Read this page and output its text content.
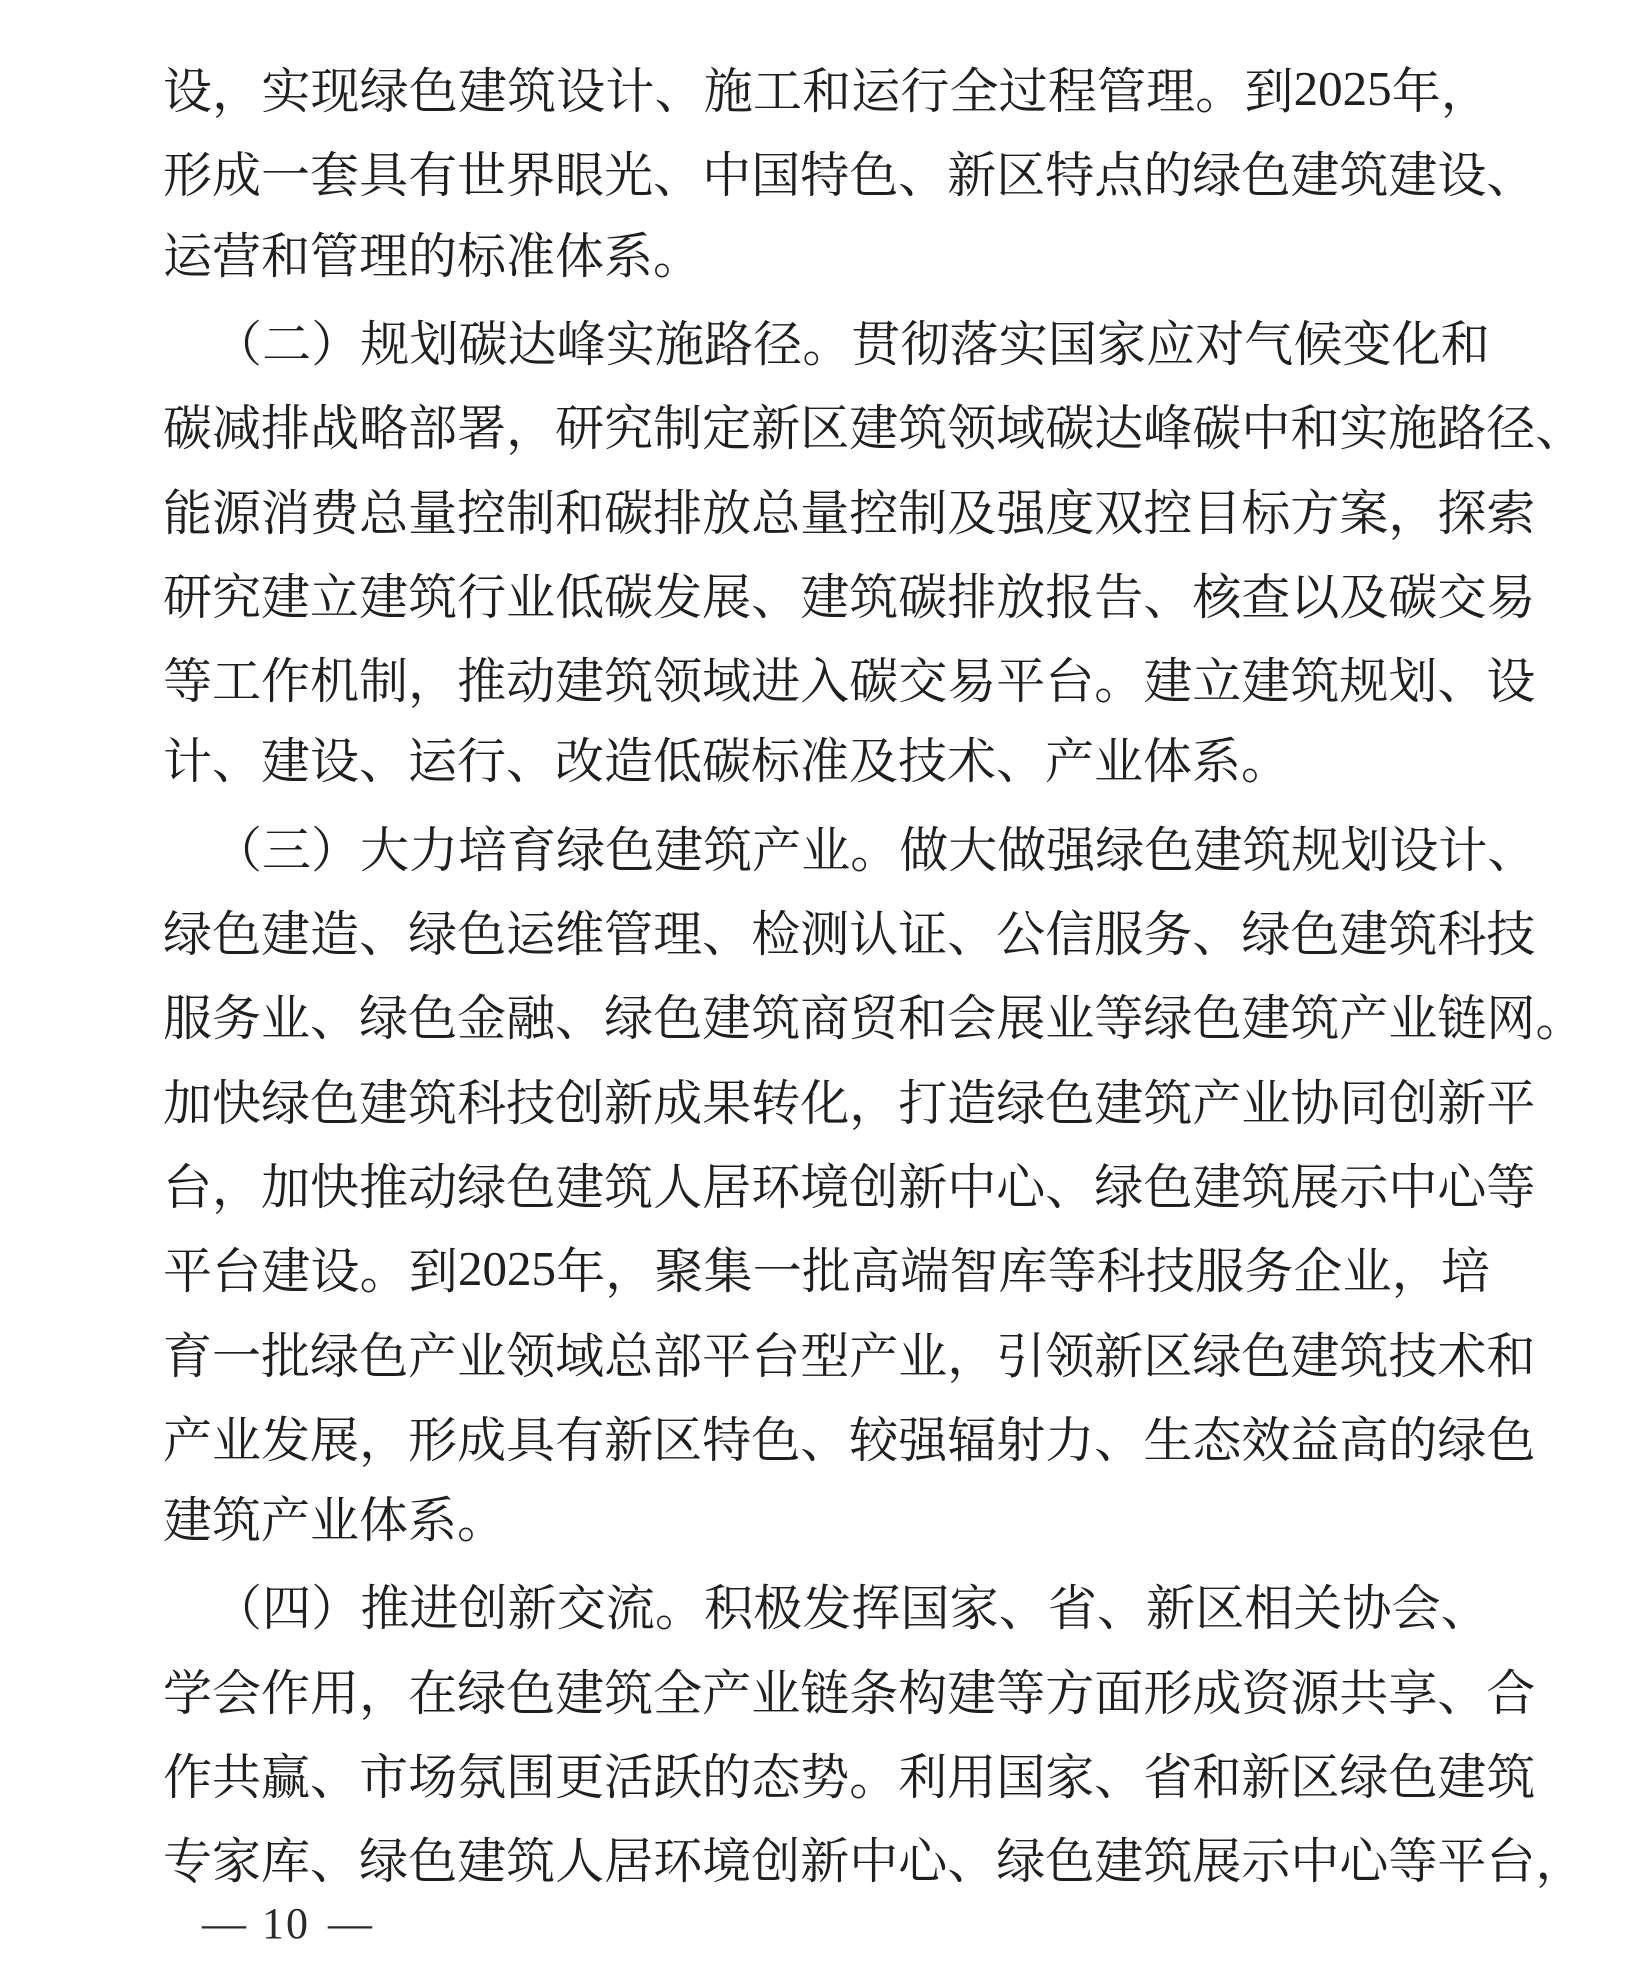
设 ， 实 现 绿 色 建 筑 设 计 、 施 工 和 运 行 全 过 程 管 理 。 到 2025 年 ，
形 成 一 套 具 有 世 界 眼 光 、 中 国 特 色 、 新 区 特 点 的 绿 色 建 筑 建 设 、
运营和管理的标准体系。
（ 二 ） 规 划 碳 达 峰 实 施 路 径 。 贯 彻 落 实 国 家 应 对 气 候 变 化 和
碳 减 排 战 略 部 署 ， 研 究 制 定 新 区 建 筑 领 域 碳 达 峰 碳 中 和 实 施 路 径 、
能 源 消 费 总 量 控 制 和 碳 排 放 总 量 控 制 及 强 度 双 控 目 标 方 案 ， 探 索
研 究 建 立 建 筑 行 业 低 碳 发 展 、 建 筑 碳 排 放 报 告 、 核 查 以 及 碳 交 易
等 工 作 机 制 ， 推 动 建 筑 领 域 进 入 碳 交 易 平 台 。 建 立 建 筑 规 划 、 设
计、建设、运行、改造低碳标准及技术、产业体系。
（ 三 ） 大 力 培 育 绿 色 建 筑 产 业 。 做 大 做 强 绿 色 建 筑 规 划 设 计 、
绿 色 建 造 、 绿 色 运 维 管 理 、 检 测 认 证 、 公 信 服 务 、 绿 色 建 筑 科 技
服 务 业 、 绿 色 金 融 、 绿 色 建 筑 商 贸 和 会 展 业 等 绿 色 建 筑 产 业 链 网 。
加 快 绿 色 建 筑 科 技 创 新 成 果 转 化 ， 打 造 绿 色 建 筑 产 业 协 同 创 新 平
台 ， 加 快 推 动 绿 色 建 筑 人 居 环 境 创 新 中 心 、 绿 色 建 筑 展 示 中 心 等
平 台 建 设 。 到 2025 年 ， 聚 集 一 批 高 端 智 库 等 科 技 服 务 企 业 ， 培
育 一 批 绿 色 产 业 领 域 总 部 平 台 型 产 业 ， 引 领 新 区 绿 色 建 筑 技 术 和
产 业 发 展 ， 形 成 具 有 新 区 特 色 、 较 强 辐 射 力 、 生 态 效 益 高 的 绿 色
建筑产业体系。
（ 四 ） 推 进 创 新 交 流 。 积 极 发 挥 国 家 、 省 、 新 区 相 关 协 会 、
学 会 作 用 ， 在 绿 色 建 筑 全 产 业 链 条 构 建 等 方 面 形 成 资 源 共 享 、 合
作 共 赢 、 市 场 氛 围 更 活 跃 的 态 势 。 利 用 国 家 、 省 和 新 区 绿 色 建 筑
专 家 库 、 绿 色 建 筑 人 居 环 境 创 新 中 心 、 绿 色 建 筑 展 示 中 心 等 平 台 ，
— 10 —
